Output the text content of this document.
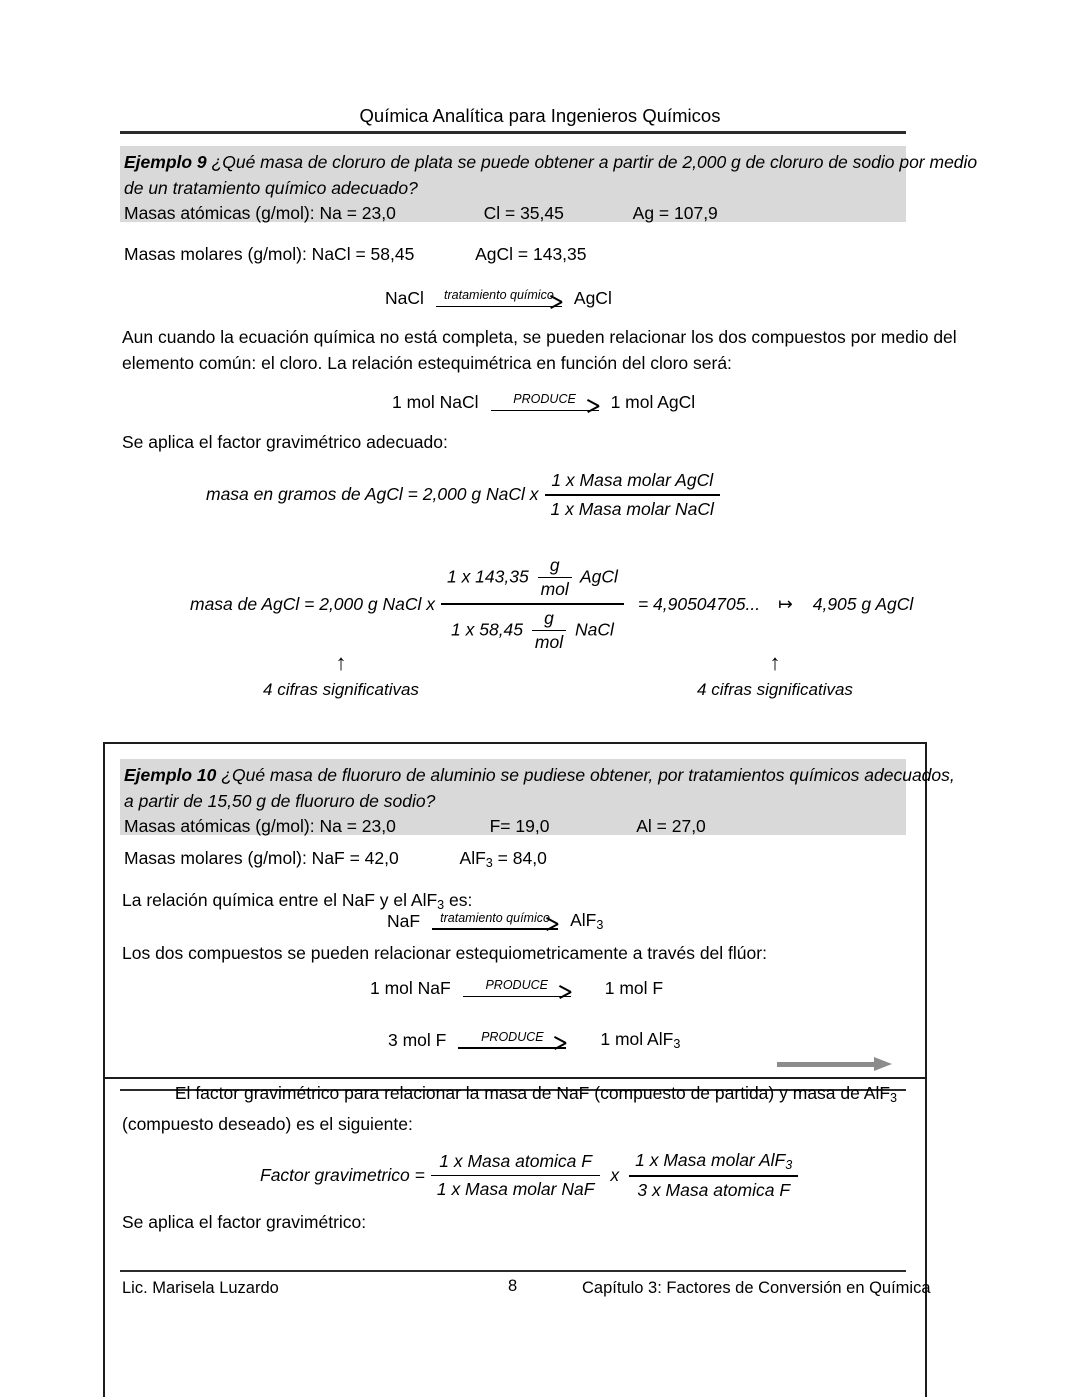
Química Analítica para Ingenieros Químicos
Ejemplo 9 ¿Qué masa de cloruro de plata se puede obtener a partir de 2,000 g de cloruro de sodio por medio
de un tratamiento químico adecuado?
Masas atómicas (g/mol): Na = 23,0	Cl = 35,45	Ag = 107,9
Masas molares (g/mol): NaCl = 58,45	AgCl = 143,35
NaCl	tratamiento químico	AgCl
Aun cuando la ecuación química no está completa, se pueden relacionar los dos compuestos por medio del
elemento común: el cloro. La relación estequimétrica en función del cloro será:
1 mol NaCl	PRODUCE	1 mol AgCl
Se aplica el factor gravimétrico adecuado:
masa en gramos de AgCl = 2,000 g NaCl x $\frac{\text{1 x Masa molar AgCl}}{\text{1 x Masa molar NaCl}}$
masa de AgCl = 2,000 g NaCl x
1 x 143,35
g
mol
AgCl
1 x 58,45
g
mol
NaCl
= 4,90504705... ↦ 4,905 g AgCl
↑
4 cifras significativas
↑
4 cifras significativas
Ejemplo 10 ¿Qué masa de fluoruro de aluminio se pudiese obtener, por tratamientos químicos adecuados,
a partir de 15,50 g de fluoruro de sodio?
Masas atómicas (g/mol): Na = 23,0	F= 19,0	Al = 27,0
Masas molares (g/mol): NaF = 42,0	AlF$_3$ = 84,0
La relación química entre el NaF y el AlF$_3$ es:
NaF	tratamiento químico	AlF$_3$
Los dos compuestos se pueden relacionar estequiometricamente a través del flúor:
1 mol NaF	PRODUCE	1 mol F
3 mol F	PRODUCE	1 mol AlF$_3$
El factor gravimétrico para relacionar la masa de NaF (compuesto de partida) y masa de AlF$_3$
(compuesto deseado) es el siguiente:
Factor gravimetrico = $\frac{\text{1 x Masa atomica F}}{\text{1 x Masa molar NaF}}$ x $\frac{1 x Masa molar AlF_3}{\text{3 x Masa atomica F}}$
Se aplica el factor gravimétrico:
Lic. Marisela Luzardo	8	Capítulo 3: Factores de Conversión en Química
